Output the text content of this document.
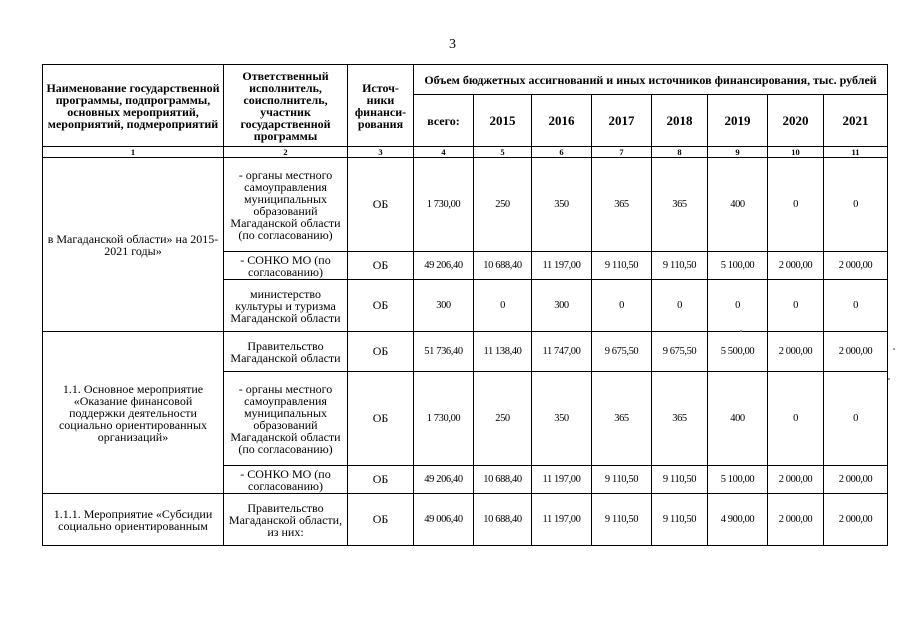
3
Наименование государственной программы, подпрограммы, основных мероприятий, мероприятий, подмероприятий	Ответственный исполнитель, соисполнитель, участник государственной программы	Источ-ники финанси-рования	Объем бюджетных ассигнований и иных источников финансирования, тыс. рублей							
			всего:	2015	2016	2017	2018	2019	2020	2021
1	2	3	4	5	6	7	8	9	10	11
в Магаданской области» на 2015-2021 годы»	- органы местного самоуправления муниципальных образований Магаданской области (по согласованию)	ОБ	1 730,00	250	350	365	365	400	0	0
	- СОНКО МО (по согласованию)	ОБ	49 206,40	10 688,40	11 197,00	9 110,50	9 110,50	5 100,00	2 000,00	2 000,00
	министерство культуры и туризма Магаданской области	ОБ	300	0	300	0	0	0	0	0
1.1. Основное мероприятие «Оказание финансовой поддержки деятельности социально ориентированных организаций»	Правительство Магаданской области	ОБ	51 736,40	11 138,40	11 747,00	9 675,50	9 675,50	5 500,00	2 000,00	2 000,00
	- органы местного самоуправления муниципальных образований Магаданской области (по согласованию)	ОБ	1 730,00	250	350	365	365	400	0	0
	- СОНКО МО (по согласованию)	ОБ	49 206,40	10 688,40	11 197,00	9 110,50	9 110,50	5 100,00	2 000,00	2 000,00
1.1.1. Мероприятие «Субсидии социально ориентированным	Правительство Магаданской области, из них:	ОБ	49 006,40	10 688,40	11 197,00	9 110,50	9 110,50	4 900,00	2 000,00	2 000,00
